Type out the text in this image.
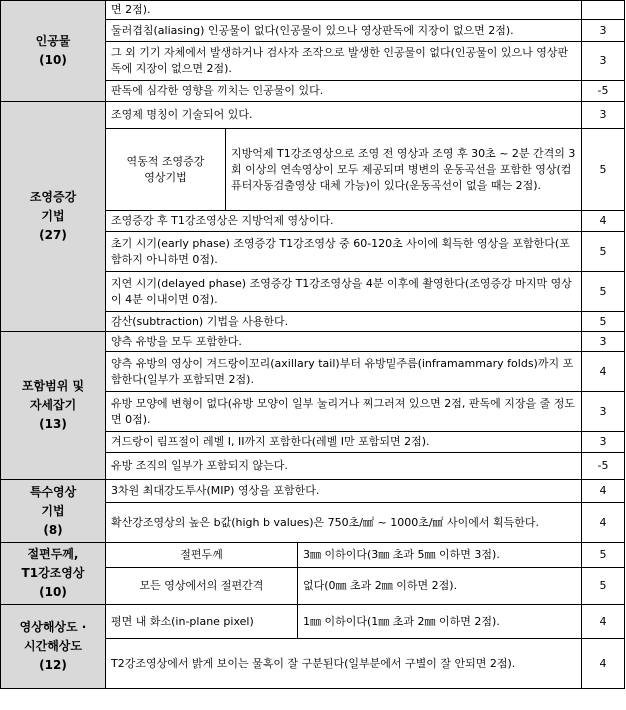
인공물
(10)	면 2점).			
	둘러겹침(aliasing) 인공물이 없다(인공물이 있으나 영상판독에 지장이 없으면 2점).			3
	그 외 기기 자체에서 발생하거나 검사자 조작으로 발생한 인공물이 없다(인공물이 있으나 영상판독에 지장이 없으면 2점).			3
	판독에 심각한 영향을 끼치는 인공물이 있다.			-5
조영증강
기법
(27)	조영제 명칭이 기술되어 있다.			3
	역동적 조영증강
영상기법	지방억제 T1강조영상으로 조영 전 영상과 조영 후 30초 ~ 2분 간격의 3회 이상의 연속영상이 모두 제공되며 병변의 운동곡선을 포함한 영상(컴퓨터자동검출영상 대체 가능)이 있다(운동곡선이 없을 때는 2점).		5
	조영증강 후 T1강조영상은 지방억제 영상이다.			4
	초기 시기(early phase) 조영증강 T1강조영상 중 60-120초 사이에 획득한 영상을 포함한다(포함하지 아니하면 0점).			5
	지연 시기(delayed phase) 조영증강 T1강조영상을 4분 이후에 촬영한다(조영증강 마지막 영상이 4분 이내이면 0점).			5
	감산(subtraction) 기법을 사용한다.			5
포함범위 및
자세잡기
(13)	양측 유방을 모두 포함한다.			3
	양측 유방의 영상이 겨드랑이꼬리(axillary tail)부터 유방밑주름(inframammary folds)까지 포함한다(일부가 포함되면 2점).			4
	유방 모양에 변형이 없다(유방 모양이 일부 눌리거나 찌그러져 있으면 2점, 판독에 지장을 줄 정도면 0점).			3
	겨드랑이 림프절이 레벨 I, II까지 포함한다(레벨 I만 포함되면 2점).			3
	유방 조직의 일부가 포함되지 않는다.			-5
특수영상
기법
(8)	3차원 최대강도투사(MIP) 영상을 포함한다.			4
	확산강조영상의 높은 b값(high b values)은 750초/㎟ ~ 1000초/㎟ 사이에서 획득한다.			4
절편두께,
T1강조영상
(10)	절편두께		3㎜ 이하이다(3㎜ 초과 5㎜ 이하면 3점).	5
	모든 영상에서의 절편간격		없다(0㎜ 초과 2㎜ 이하면 2점).	5
영상해상도 ·
시간해상도
(12)	평면 내 화소(in-plane pixel)		1㎜ 이하이다(1㎜ 초과 2㎜ 이하면 2점).	4
	T2강조영상에서 밝게 보이는 물혹이 잘 구분된다(일부분에서 구별이 잘 안되면 2점).			4
